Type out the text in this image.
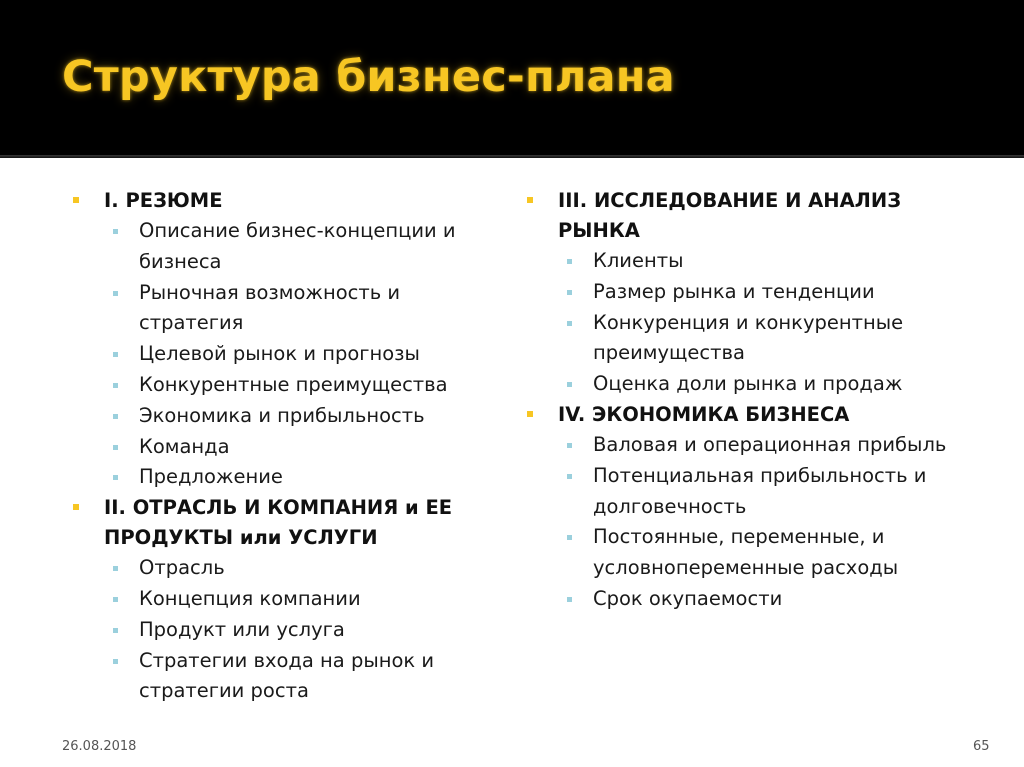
Структура бизнес-плана
I. РЕЗЮМЕ
Описание бизнес-концепции и бизнеса
Рыночная возможность и стратегия
Целевой рынок и прогнозы
Конкурентные преимущества
Экономика и прибыльность
Команда
Предложение
II. ОТРАСЛЬ И КОМПАНИЯ и ЕЕ ПРОДУКТЫ или УСЛУГИ
Отрасль
Концепция компании
Продукт или услуга
Стратегии входа на рынок и стратегии роста
III. ИССЛЕДОВАНИЕ И АНАЛИЗ РЫНКА
Клиенты
Размер рынка и тенденции
Конкуренция и конкурентные преимущества
Оценка доли рынка и продаж
IV. ЭКОНОМИКА БИЗНЕСА
Валовая и операционная прибыль
Потенциальная прибыльность и долговечность
Постоянные, переменные, и условнопеременные расходы
Срок окупаемости
26.08.2018	65
